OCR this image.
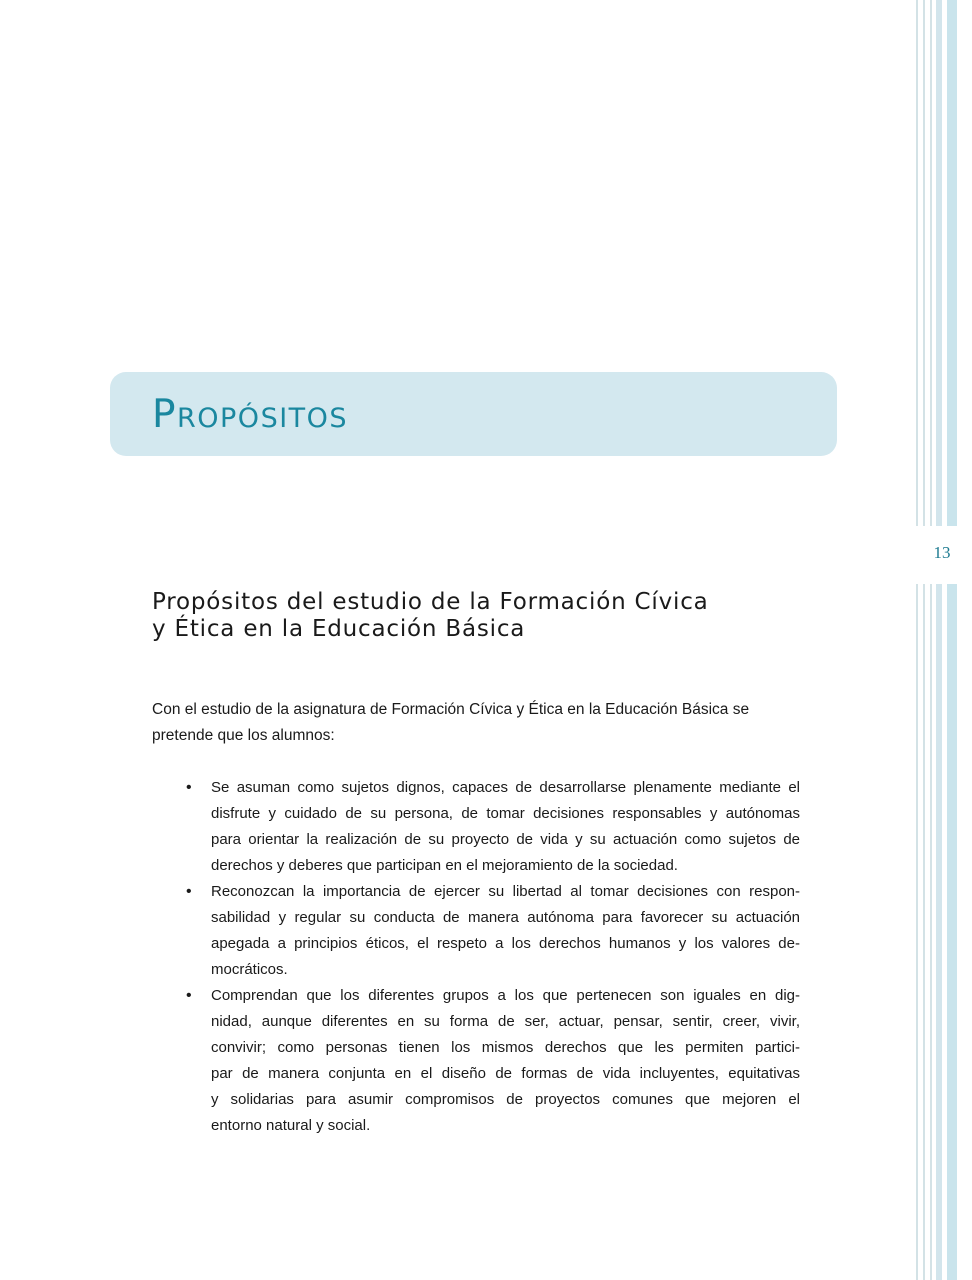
13
Propósitos
Propósitos del estudio de la Formación Cívica
y Ética en la Educación Básica

Con el estudio de la asignatura de Formación Cívica y Ética en la Educación Básica se
pretende que los alumnos:

• Se asuman como sujetos dignos, capaces de desarrollarse plenamente mediante el
disfrute y cuidado de su persona, de tomar decisiones responsables y autónomas
para orientar la realización de su proyecto de vida y su actuación como sujetos de
derechos y deberes que participan en el mejoramiento de la sociedad.
• Reconozcan la importancia de ejercer su libertad al tomar decisiones con respon-
sabilidad y regular su conducta de manera autónoma para favorecer su actuación
apegada a principios éticos, el respeto a los derechos humanos y los valores de-
mocráticos.
• Comprendan que los diferentes grupos a los que pertenecen son iguales en dig-
nidad, aunque diferentes en su forma de ser, actuar, pensar, sentir, creer, vivir,
convivir; como personas tienen los mismos derechos que les permiten partici-
par de manera conjunta en el diseño de formas de vida incluyentes, equitativas
y solidarias para asumir compromisos de proyectos comunes que mejoren el
entorno natural y social.
